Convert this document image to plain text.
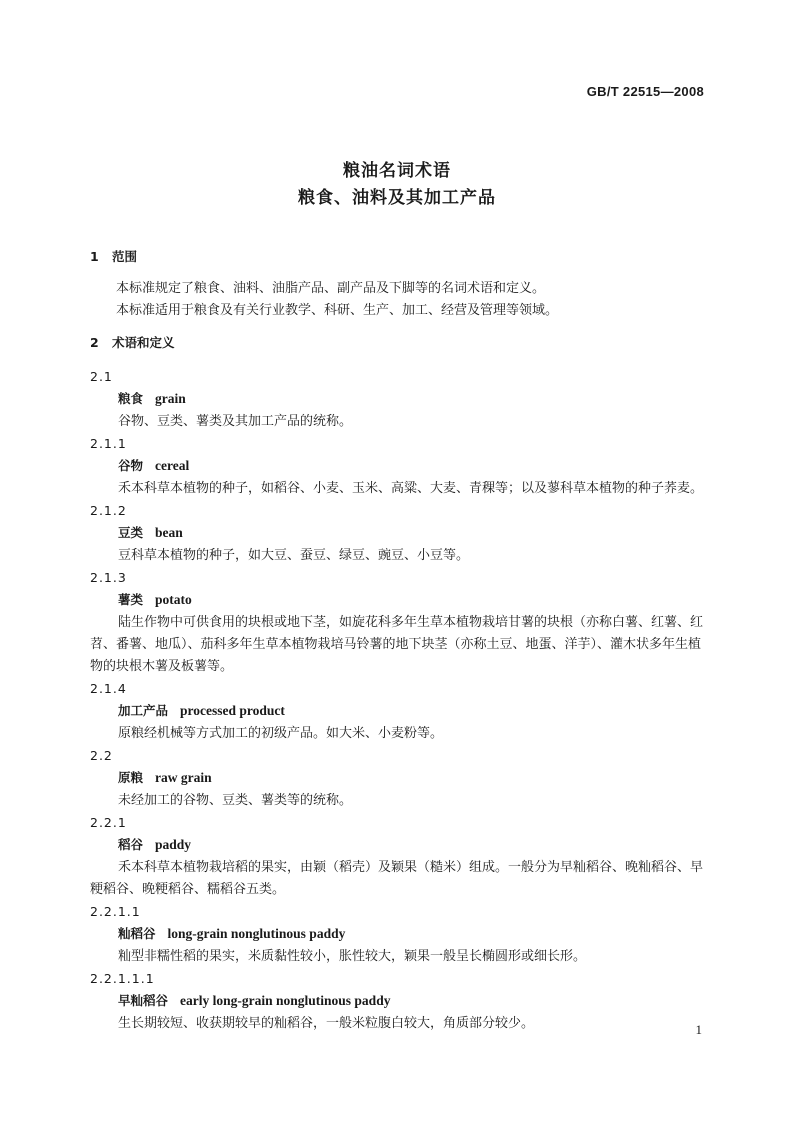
GB/T 22515—2008
粮油名词术语
粮食、油料及其加工产品
1 范围
本标准规定了粮食、油料、油脂产品、副产品及下脚等的名词术语和定义。
本标准适用于粮食及有关行业教学、科研、生产、加工、经营及管理等领域。
2 术语和定义
2.1
粮食 grain
谷物、豆类、薯类及其加工产品的统称。
2.1.1
谷物 cereal
禾本科草本植物的种子，如稻谷、小麦、玉米、高粱、大麦、青稞等；以及蓼科草本植物的种子荞麦。
2.1.2
豆类 bean
豆科草本植物的种子，如大豆、蚕豆、绿豆、豌豆、小豆等。
2.1.3
薯类 potato
陆生作物中可供食用的块根或地下茎，如旋花科多年生草本植物栽培甘薯的块根（亦称白薯、红薯、红苕、番薯、地瓜）、茄科多年生草本植物栽培马铃薯的地下块茎（亦称土豆、地蛋、洋芋）、灌木状多年生植物的块根木薯及板薯等。
2.1.4
加工产品 processed product
原粮经机械等方式加工的初级产品。如大米、小麦粉等。
2.2
原粮 raw grain
未经加工的谷物、豆类、薯类等的统称。
2.2.1
稻谷 paddy
禾本科草本植物栽培稻的果实，由颖（稻壳）及颖果（糙米）组成。一般分为早籼稻谷、晚籼稻谷、早粳稻谷、晚粳稻谷、糯稻谷五类。
2.2.1.1
籼稻谷 long-grain nonglutinous paddy
籼型非糯性稻的果实，米质黏性较小，胀性较大，颖果一般呈长椭圆形或细长形。
2.2.1.1.1
早籼稻谷 early long-grain nonglutinous paddy
生长期较短、收获期较早的籼稻谷，一般米粒腹白较大，角质部分较少。	1
